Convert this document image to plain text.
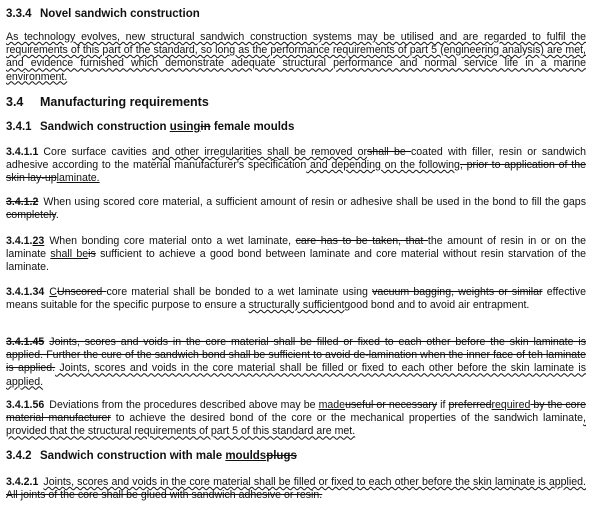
3.3.4 Novel sandwich construction
As technology evolves, new structural sandwich construction systems may be utilised and are regarded to fulfil the requirements of this part of the standard, so long as the performance requirements of part 5 (engineering analysis) are met, and evidence furnished which demonstrate adequate structural performance and normal service life in a marine environment.
3.4 Manufacturing requirements
3.4.1 Sandwich construction usingin female moulds
3.4.1.1 Core surface cavities and other irregularities shall be removed orshall be coated with filler, resin or sandwich adhesive according to the material manufacturer's specification and depending on the following, prior to application of the skin lay-uplaminate.
3.4.1.2 When using scored core material, a sufficient amount of resin or adhesive shall be used in the bond to fill the gaps completely.
3.4.1.23 When bonding core material onto a wet laminate, care has to be taken, that the amount of resin in or on the laminate shall beis sufficient to achieve a good bond between laminate and core material without resin starvation of the laminate.
3.4.1.34 CUnscored core material shall be bonded to a wet laminate using vacuum bagging, weights or similar effective means suitable for the specific purpose to ensure a structurally sufficientgood bond and to avoid air entrapment.
3.4.1.45 Joints, scores and voids in the core material shall be filled or fixed to each other before the skin laminate is applied. Further the cure of the sandwich bond shall be sufficient to avoid de-lamination when the inner face of teh laminate is applied. Joints, scores and voids in the core material shall be filled or fixed to each other before the skin laminate is applied.
3.4.1.56 Deviations from the procedures described above may be madeuseful or necessary if preferredrequired by the core material manufacturer to achieve the desired bond of the core or the mechanical properties of the sandwich laminate, provided that the structural requirements of part 5 of this standard are met.
3.4.2 Sandwich construction with male mouldsplugs
3.4.2.1 Joints, scores and voids in the core material shall be filled or fixed to each other before the skin laminate is applied. All joints of the core shall be glued with sandwich adhesive or resin.
